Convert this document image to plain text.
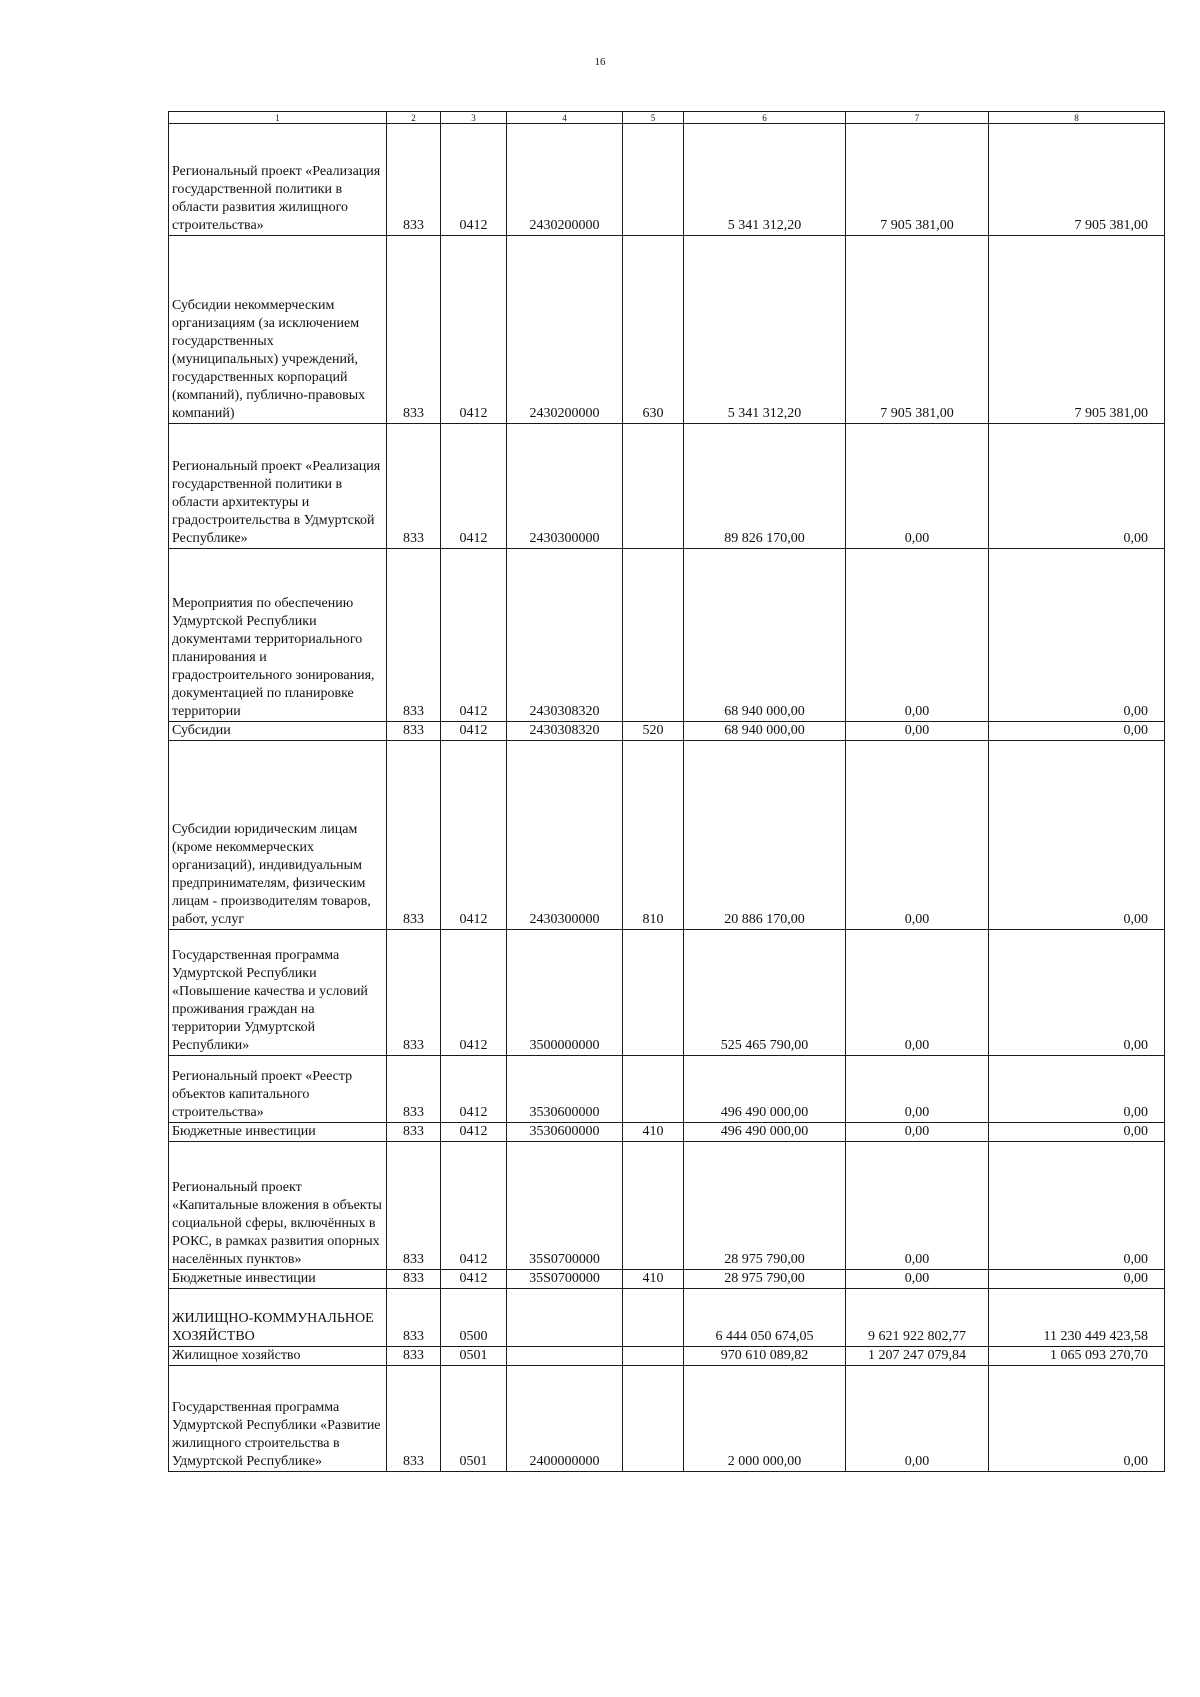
16
1	2	3	4	5	6	7	8
Региональный проект «Реализация государственной политики в области развития жилищного строительства»	833	0412	2430200000		5 341 312,20	7 905 381,00	7 905 381,00
Субсидии некоммерческим организациям (за исключением государственных (муниципальных) учреждений, государственных корпораций (компаний), публично-правовых компаний)	833	0412	2430200000	630	5 341 312,20	7 905 381,00	7 905 381,00
Региональный проект «Реализация государственной политики в области архитектуры и градостроительства в Удмуртской Республике»	833	0412	2430300000		89 826 170,00	0,00	0,00
Мероприятия по обеспечению Удмуртской Республики документами территориального планирования и градостроительного зонирования, документацией по планировке территории	833	0412	2430308320		68 940 000,00	0,00	0,00
Субсидии	833	0412	2430308320	520	68 940 000,00	0,00	0,00
Субсидии юридическим лицам (кроме некоммерческих организаций), индивидуальным предпринимателям, физическим лицам - производителям товаров, работ, услуг	833	0412	2430300000	810	20 886 170,00	0,00	0,00
Государственная программа Удмуртской Республики «Повышение качества и условий проживания граждан на территории Удмуртской Республики»	833	0412	3500000000		525 465 790,00	0,00	0,00
Региональный проект «Реестр объектов капитального строительства»	833	0412	3530600000		496 490 000,00	0,00	0,00
Бюджетные инвестиции	833	0412	3530600000	410	496 490 000,00	0,00	0,00
Региональный проект «Капитальные вложения в объекты социальной сферы, включённых в РОКС, в рамках развития опорных населённых пунктов»	833	0412	35S0700000		28 975 790,00	0,00	0,00
Бюджетные инвестиции	833	0412	35S0700000	410	28 975 790,00	0,00	0,00
ЖИЛИЩНО-КОММУНАЛЬНОЕ ХОЗЯЙСТВО	833	0500			6 444 050 674,05	9 621 922 802,77	11 230 449 423,58
Жилищное хозяйство	833	0501			970 610 089,82	1 207 247 079,84	1 065 093 270,70
Государственная программа Удмуртской Республики «Развитие жилищного строительства в Удмуртской Республике»	833	0501	2400000000		2 000 000,00	0,00	0,00
